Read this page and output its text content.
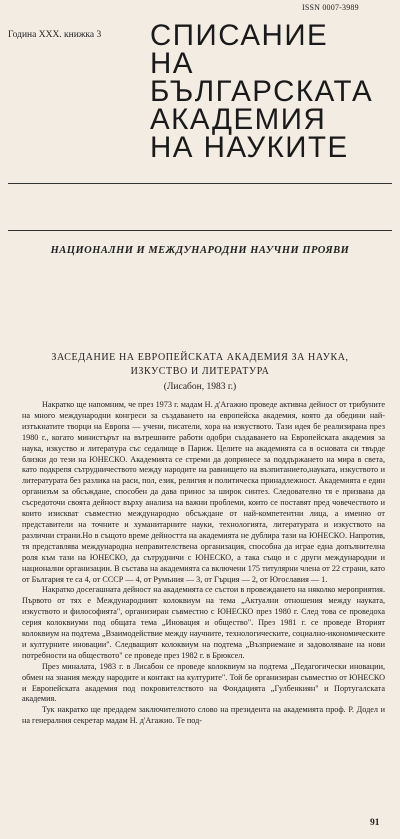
ISSN 0007-3989
Година XXX. книжка 3 СПИСАНИЕ
НА
БЪЛГАРСКАТА
АКАДЕМИЯ
НА НАУКИТЕ
НАЦИОНАЛНИ И МЕЖДУНАРОДНИ НАУЧНИ ПРОЯВИ
ЗАСЕДАНИЕ НА ЕВРОПЕЙСКАТА АКАДЕМИЯ ЗА НАУКА,
ИЗКУСТВО И ЛИТЕРАТУРА
(Лисабон, 1983 г.)

Накратко ще напомним, че през 1973 г. мадам Н. д'Агажио проведе активна дейност от трибуните на много международни конгреси за създаването на европейска академия, която да обедини най-изтъкнатите творци на Европа — учени, писатели, хора на изкуството. Тази идея бе реализирана през 1980 г., когато министърът на вътрешните работи одобри създаването на Европейската академия за наука, изкуство и литература със седалище в Париж. Целите на академията са в основата си твърде близки до тези на ЮНЕСКО. Академията се стреми да допринесе за поддържането на мира в света, като подкрепя сътрудничеството между народите на равнището на възпитанието,науката, изкуството и литературата без разлика на раси, пол, език, религия и политическа принадлежност. Академията е един организъм за обсъждане, способен да дава принос за широк синтез. Следователно тя е призвана да съсредоточи своята дейност върху анализа на важни проблеми, които се поставят пред човечеството и които изискват съвместно международно обсъждане от най-компетентни лица, а именно от представители на точните и хуманитарните науки, технологията, литературата и изкуството на различни страни.Но в същото време дейността на академията не дублира тази на ЮНЕСКО. Напротив, тя представлява международна неправителствена организация, способна да играе една допълнителна роля към тази на ЮНЕСКО, да сътрудничи с ЮНЕСКО, а така също и с други международни и национални организации. В състава на академията са включени 175 титулярни члена от 22 страни, като от България те са 4, от СССР — 4, от Румъния — 3, от Гърция — 2, от Югославия — 1.

Накратко досегашната дейност на академията се състои в провеждането на няколко мероприятия. Първото от тях е Международният колоквиум на тема „Актуални отношения между науката, изкуството и философията", организиран съвместно с ЮНЕСКО през 1980 г. След това се проведоха серия колоквиуми под общата тема „Иновация и общество". През 1981 г. се проведе Вторият колоквиум на подтема „Взаимодействие между научните, технологическите, социално-икономическите и културните иновации". Следващият колоквиум на подтема „Възприемане и задоволяване на нови потребности на обществото" се проведе през 1982 г. в Брюксел.

През миналата, 1983 г. в Лисабон се проведе колоквиум на подтема „Педагогически иновации, обмен на знания между народите и контакт на културите". Той бе организиран съвместно от ЮНЕСКО и Европейската академия под покровителството на Фондацията „Гулбенкиян" и Португалската академия.

Тук накратко ще предадем заключителното слово на президента на академията проф. Р. Додел и на генералния секретар мадам Н. д'Агажио. Те под-

91
